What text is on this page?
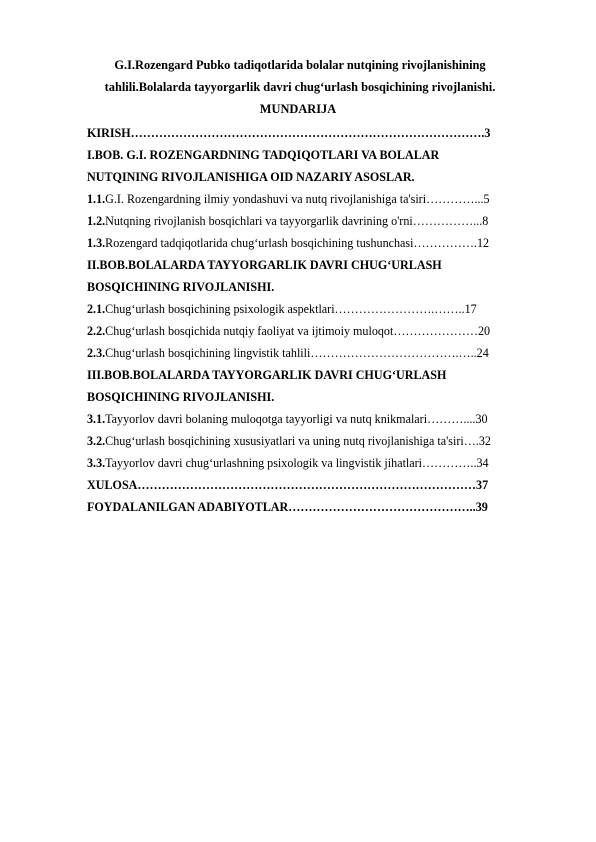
G.I.Rozengard Pubko tadiqotlarida bolalar nutqining rivojlanishining
tahlili.Bolalarda tayyorgarlik davri chug‘urlash bosqichining rivojlanishi.
MUNDARIJA
KIRISH…………………………………………………………………………….3
I.BOB. G.I. ROZENGARDNING TADQIQOTLARI VA BOLALAR
NUTQINING RIVOJLANISHIGA OID NAZARIY ASOSLAR.
1.1.G.I. Rozengardning ilmiy yondashuvi va nutq rivojlanishiga ta'siri…………...5
1.2.Nutqning rivojlanish bosqichlari va tayyorgarlik davrining o'rni……………...8
1.3.Rozengard tadqiqotlarida chug‘urlash bosqichining tushunchasi…………….12
II.BOB.BOLALARDA TAYYORGARLIK DAVRI CHUG‘URLASH
BOSQICHINING RIVOJLANISHI.
2.1.Chug‘urlash bosqichining psixologik aspektlari…………………….……..17
2.2.Chug‘urlash bosqichida nutqiy faoliyat va ijtimoiy muloqot…………………20
2.3.Chug‘urlash bosqichining lingvistik tahlili……………………………….…..24
III.BOB.BOLALARDA TAYYORGARLIK DAVRI CHUG‘URLASH
BOSQICHINING RIVOJLANISHI.
3.1.Tayyorlov davri bolaning muloqotga tayyorligi va nutq knikmalari………....30
3.2.Chug‘urlash bosqichining xususiyatlari va uning nutq rivojlanishiga ta'siri….32
3.3.Tayyorlov davri chug‘urlashning psixologik va lingvistik jihatlari…………..34
XULOSA…………………………………………………………………………37
FOYDALANILGAN ADABIYOTLAR………………………………………..39
